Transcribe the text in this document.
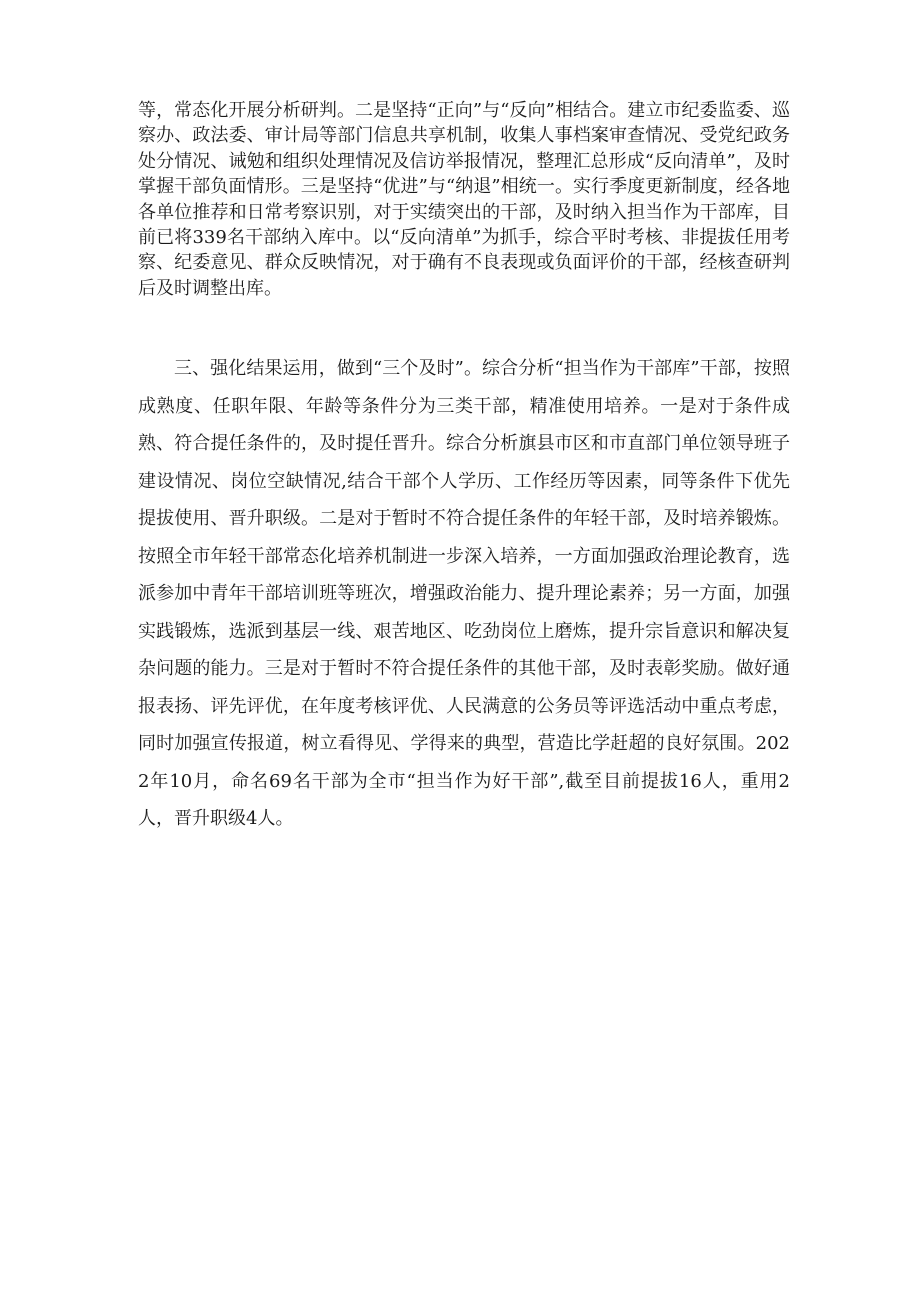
等，常态化开展分析研判。二是坚持“正向”与“反向”相结合。建立市纪委监委、巡察办、政法委、审计局等部门信息共享机制，收集人事档案审查情况、受党纪政务处分情况、诫勉和组织处理情况及信访举报情况，整理汇总形成“反向清单”，及时掌握干部负面情形。三是坚持“优进”与“纳退”相统一。实行季度更新制度，经各地各单位推荐和日常考察识别，对于实绩突出的干部，及时纳入担当作为干部库，目前已将339名干部纳入库中。以“反向清单”为抓手，综合平时考核、非提拔任用考察、纪委意见、群众反映情况，对于确有不良表现或负面评价的干部，经核查研判后及时调整出库。

三、强化结果运用，做到“三个及时”。综合分析“担当作为干部库”干部，按照成熟度、任职年限、年龄等条件分为三类干部，精准使用培养。一是对于条件成熟、符合提任条件的，及时提任晋升。综合分析旗县市区和市直部门单位领导班子建设情况、岗位空缺情况,结合干部个人学历、工作经历等因素，同等条件下优先提拔使用、晋升职级。二是对于暂时不符合提任条件的年轻干部，及时培养锻炼。按照全市年轻干部常态化培养机制进一步深入培养，一方面加强政治理论教育，选派参加中青年干部培训班等班次，增强政治能力、提升理论素养；另一方面，加强实践锻炼，选派到基层一线、艰苦地区、吃劲岗位上磨炼，提升宗旨意识和解决复杂问题的能力。三是对于暂时不符合提任条件的其他干部，及时表彰奖励。做好通报表扬、评先评优，在年度考核评优、人民满意的公务员等评选活动中重点考虑，同时加强宣传报道，树立看得见、学得来的典型，营造比学赶超的良好氛围。2022年10月，命名69名干部为全市“担当作为好干部”,截至目前提拔16人，重用2人，晋升职级4人。
